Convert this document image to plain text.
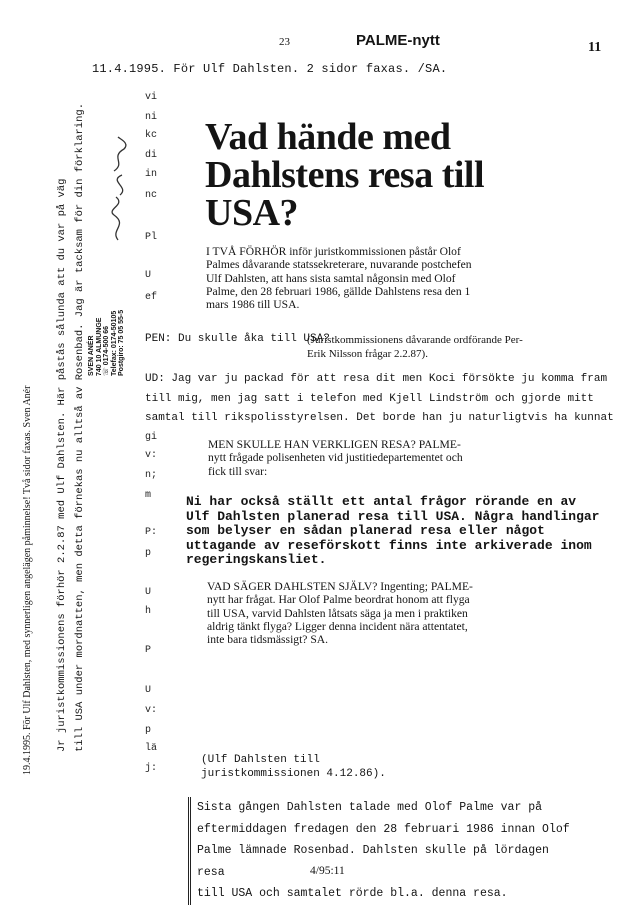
23	PALME-nytt	11
11.4.1995. För Ulf Dahlsten. 2 sidor faxas. /SA.
19.4.1995. För Ulf Dahlsten, med synnerligen angelägen påminnelse! Två sidor faxas. Sven Anér Jr juristkommissionens förhör 2.2.87 med Ulf Dahlsten. Här påstås sålunda att du var på väg till USA under mordnatten, men detta förnekas nu alltså av Rosenbad. Jag är tacksam för din förklaring. SVEN ANÉR 740 10 ALMUNGE ☏ 0174-500 66 Telefax: 0174-50105 Postgiro: 75 05 55-5
vi
ni
kc
di
in
nc
Pl
U
ef
gi
v:
n;
m
P:
p
U
h
P
U
v:
p
lä
j:
Vad hände med Dahlstens resa till USA?
I TVÅ FÖRHÖR inför juristkommissionen påstår Olof Palmes dåvarande statssekreterare, nuvarande postchefen Ulf Dahlsten, att hans sista samtal någonsin med Olof Palme, den 28 februari 1986, gällde Dahlstens resa den 1 mars 1986 till USA.
PEN: Du skulle åka till USA?
(Juristkommissionens dåvarande ordförande Per-Erik Nilsson frågar 2.2.87).
UD: Jag var ju packad för att resa dit men Koci försökte ju komma fram
till mig, men jag satt i telefon med Kjell Lindström och gjorde mitt
samtal till rikspolisstyrelsen. Det borde han ju naturligtvis ha kunnat
MEN SKULLE HAN VERKLIGEN RESA? PALME-nytt frågade polisenheten vid justitiedepartementet och fick till svar:
Ni har också ställt ett antal frågor rörande en av Ulf Dahlsten planerad resa till USA. Några handlingar som belyser en sådan planerad resa eller något uttagande av reseförskott finns inte arkiverade inom regeringskansliet.
VAD SÄGER DAHLSTEN SJÄLV? Ingenting; PALME-nytt har frågat. Har Olof Palme beordrat honom att flyga till USA, varvid Dahlsten låtsats säga ja men i praktiken aldrig tänkt flyga? Ligger denna incident nära attentatet, inte bara tidsmässigt? SA.
(Ulf Dahlsten till juristkommissionen 4.12.86).
Sista gången Dahlsten talade med Olof Palme var på
eftermiddagen fredagen den 28 februari 1986 innan Olof
Palme lämnade Rosenbad. Dahlsten skulle på lördagen resa
till USA och samtalet rörde bl.a. denna resa.
4/95:11
